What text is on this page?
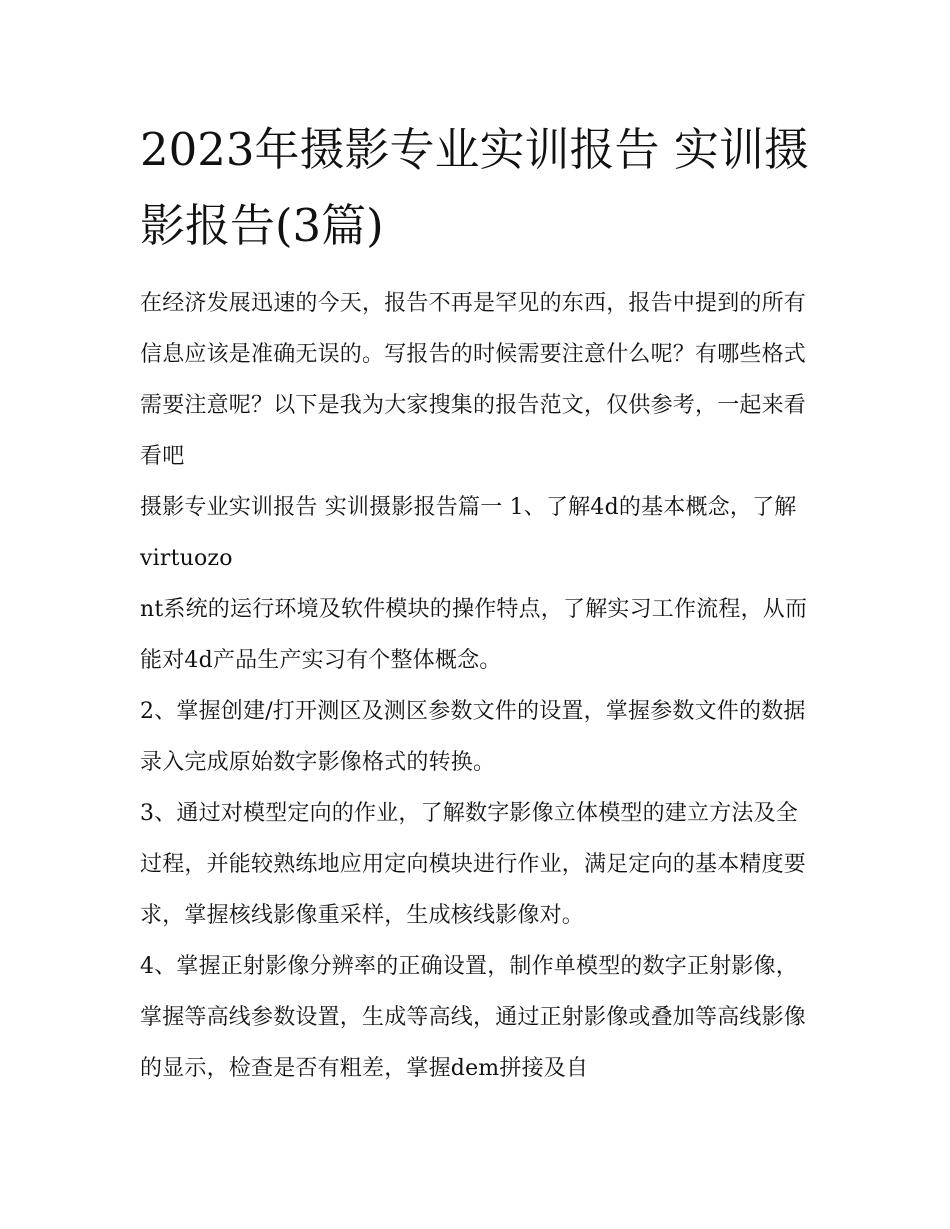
2023年摄影专业实训报告 实训摄影报告(3篇)

在经济发展迅速的今天，报告不再是罕见的东西，报告中提到的所有信息应该是准确无误的。写报告的时候需要注意什么呢？有哪些格式需要注意呢？以下是我为大家搜集的报告范文，仅供参考，一起来看看吧

摄影专业实训报告 实训摄影报告篇一 1、了解4d的基本概念，了解virtuozo

nt系统的运行环境及软件模块的操作特点，了解实习工作流程，从而能对4d产品生产实习有个整体概念。

2、掌握创建/打开测区及测区参数文件的设置，掌握参数文件的数据录入完成原始数字影像格式的转换。

3、通过对模型定向的作业，了解数字影像立体模型的建立方法及全过程，并能较熟练地应用定向模块进行作业，满足定向的基本精度要求，掌握核线影像重采样，生成核线影像对。

4、掌握正射影像分辨率的正确设置，制作单模型的数字正射影像，掌握等高线参数设置，生成等高线，通过正射影像或叠加等高线影像的显示，检查是否有粗差，掌握dem拼接及自
